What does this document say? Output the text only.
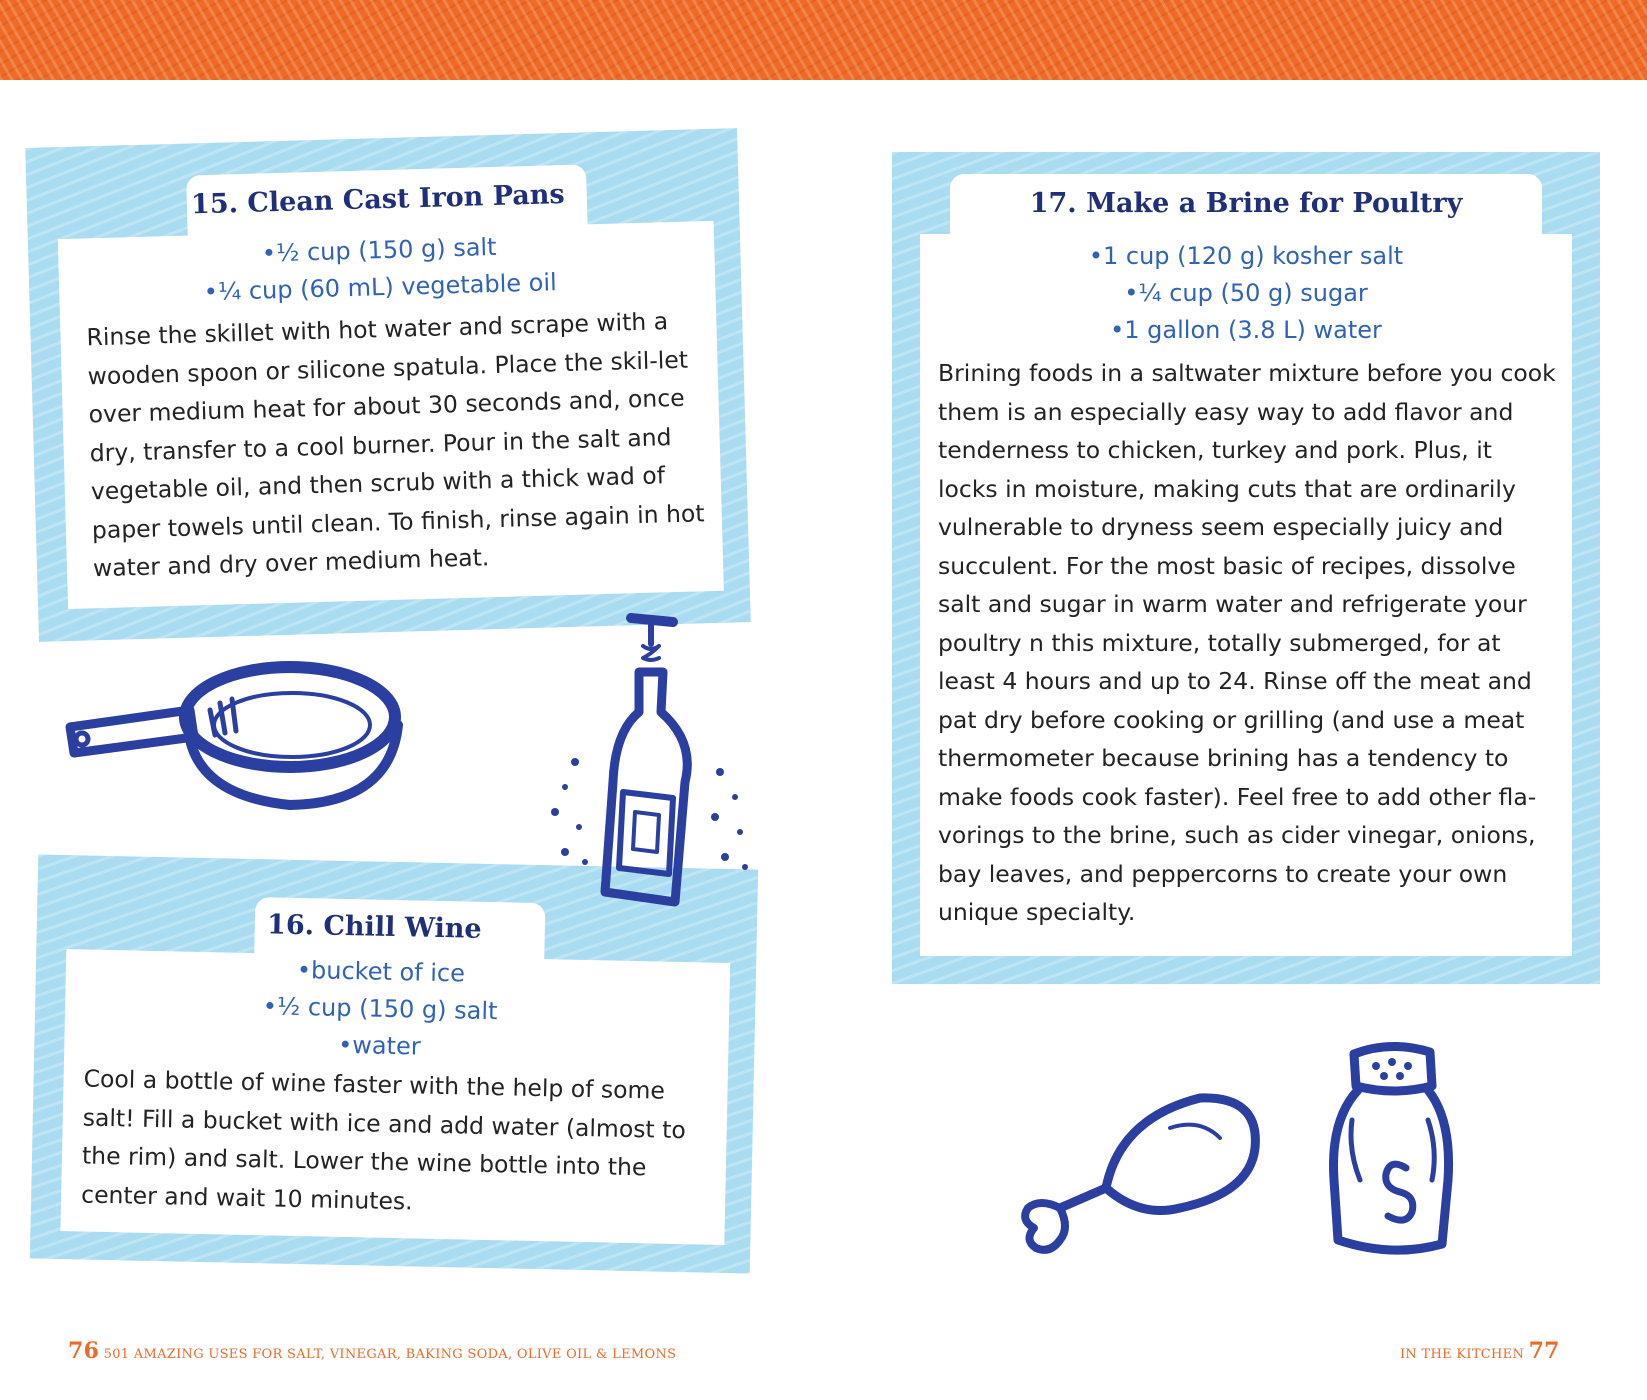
15. Clean Cast Iron Pans
•½ cup (150 g) salt
•¼ cup (60 mL) vegetable oil
Rinse the skillet with hot water and scrape with a wooden spoon or silicone spatula. Place the skil-let over medium heat for about 30 seconds and, once dry, transfer to a cool burner. Pour in the salt and vegetable oil, and then scrub with a thick wad of paper towels until clean. To finish, rinse again in hot water and dry over medium heat.
16. Chill Wine
•bucket of ice
•½ cup (150 g) salt
•water
Cool a bottle of wine faster with the help of some salt! Fill a bucket with ice and add water (almost to the rim) and salt. Lower the wine bottle into the center and wait 10 minutes.
17. Make a Brine for Poultry
•1 cup (120 g) kosher salt
•¼ cup (50 g) sugar
•1 gallon (3.8 L) water
Brining foods in a saltwater mixture before you cook them is an especially easy way to add flavor and tenderness to chicken, turkey and pork. Plus, it locks in moisture, making cuts that are ordinarily vulnerable to dryness seem especially juicy and succulent. For the most basic of recipes, dissolve salt and sugar in warm water and refrigerate your poultry n this mixture, totally submerged, for at least 4 hours and up to 24. Rinse off the meat and pat dry before cooking or grilling (and use a meat thermometer because brining has a tendency to make foods cook faster). Feel free to add other fla-vorings to the brine, such as cider vinegar, onions, bay leaves, and peppercorns to create your own unique specialty.
76 501 AMAZING USES FOR SALT, VINEGAR, BAKING SODA, OLIVE OIL & LEMONS	IN THE KITCHEN 77
